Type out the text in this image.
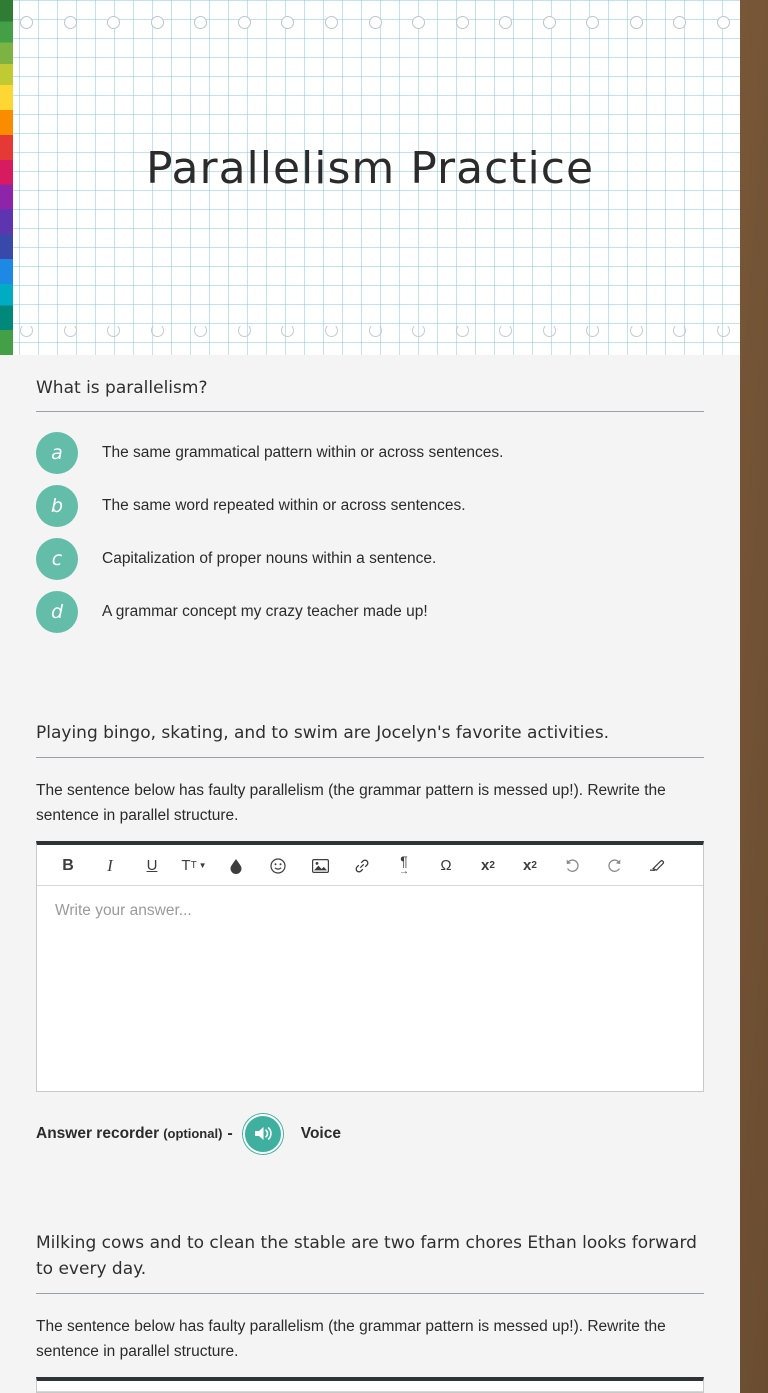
Parallelism Practice
What is parallelism?
a	The same grammatical pattern within or across sentences.
b	The same word repeated within or across sentences.
c	Capitalization of proper nouns within a sentence.
d	A grammar concept my crazy teacher made up!
Playing bingo, skating, and to swim are Jocelyn's favorite activities.
The sentence below has faulty parallelism (the grammar pattern is messed up!). Rewrite the sentence in parallel structure.
B	I	U	T T ▼	¶
→	Ω	x 2 x 2
Write your answer...
Answer recorder (optional) -	Voice
Milking cows and to clean the stable are two farm chores Ethan looks forward to every day.
The sentence below has faulty parallelism (the grammar pattern is messed up!). Rewrite the sentence in parallel structure.
